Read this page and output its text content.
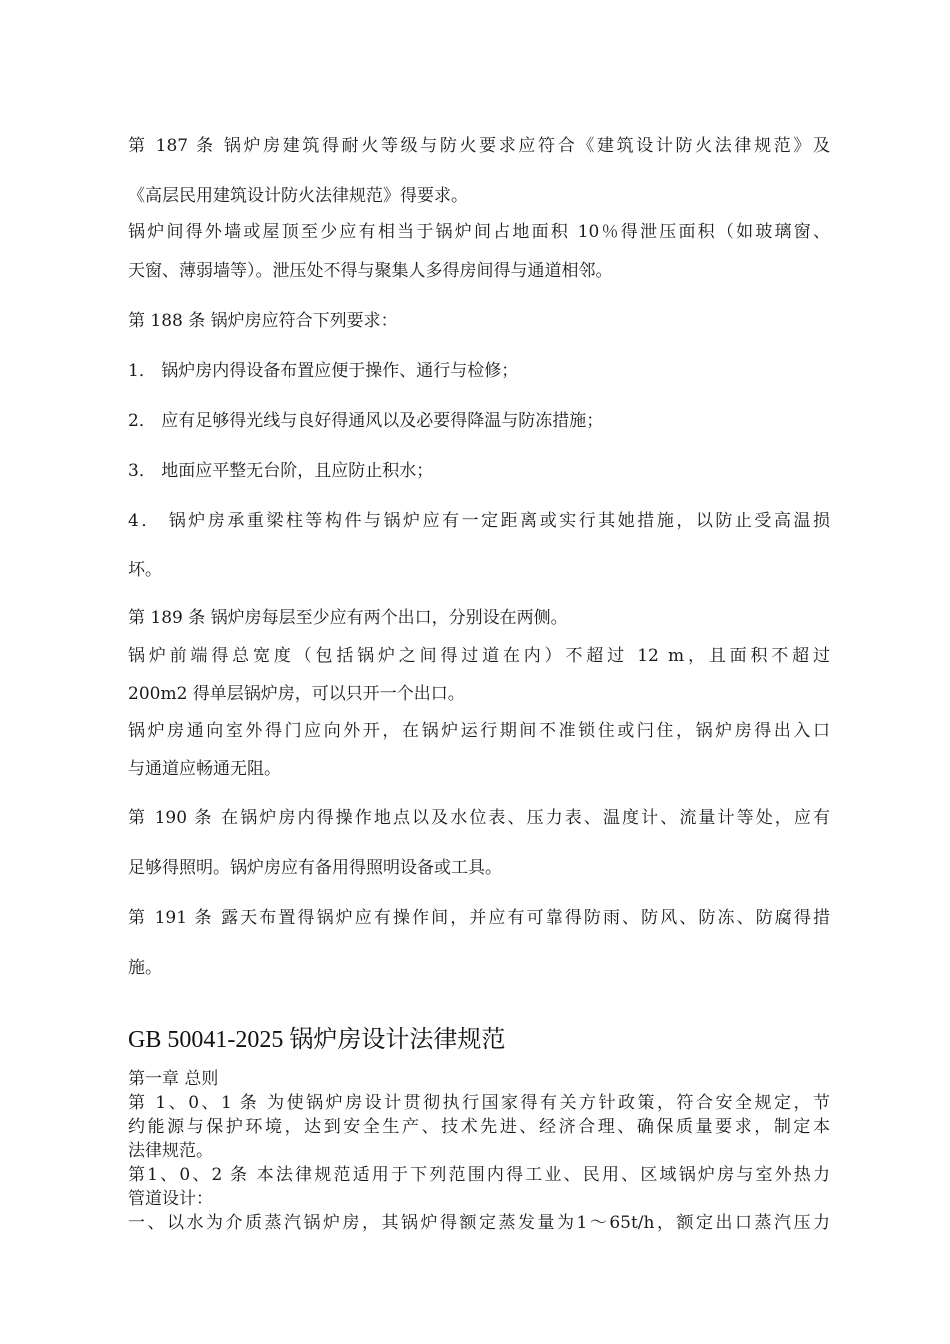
第 187 条 锅炉房建筑得耐火等级与防火要求应符合《建筑设计防火法律规范》及
《高层民用建筑设计防火法律规范》得要求。
锅炉间得外墙或屋顶至少应有相当于锅炉间占地面积 10％得泄压面积（如玻璃窗、
天窗、薄弱墙等）。泄压处不得与聚集人多得房间得与通道相邻。
第 188 条 锅炉房应符合下列要求：
1． 锅炉房内得设备布置应便于操作、通行与检修；
2． 应有足够得光线与良好得通风以及必要得降温与防冻措施；
3． 地面应平整无台阶，且应防止积水；
4． 锅炉房承重梁柱等构件与锅炉应有一定距离或实行其她措施，以防止受高温损
坏。
第 189 条 锅炉房每层至少应有两个出口，分别设在两侧。
锅炉前端得总宽度（包括锅炉之间得过道在内）不超过 12 m，且面积不超过
200m2 得单层锅炉房，可以只开一个出口。
锅炉房通向室外得门应向外开，在锅炉运行期间不准锁住或闩住，锅炉房得出入口
与通道应畅通无阻。
第 190 条 在锅炉房内得操作地点以及水位表、压力表、温度计、流量计等处，应有
足够得照明。锅炉房应有备用得照明设备或工具。
第 191 条 露天布置得锅炉应有操作间，并应有可靠得防雨、防风、防冻、防腐得措
施。
GB 50041-2025 锅炉房设计法律规范
第一章 总则
第 1、0、1 条 为使锅炉房设计贯彻执行国家得有关方针政策，符合安全规定，节
约能源与保护环境，达到安全生产、技术先进、经济合理、确保质量要求，制定本
法律规范。
第1、0、2 条 本法律规范适用于下列范围内得工业、民用、区域锅炉房与室外热力
管道设计：
一、以水为介质蒸汽锅炉房，其锅炉得额定蒸发量为1～65t/h，额定出口蒸汽压力
